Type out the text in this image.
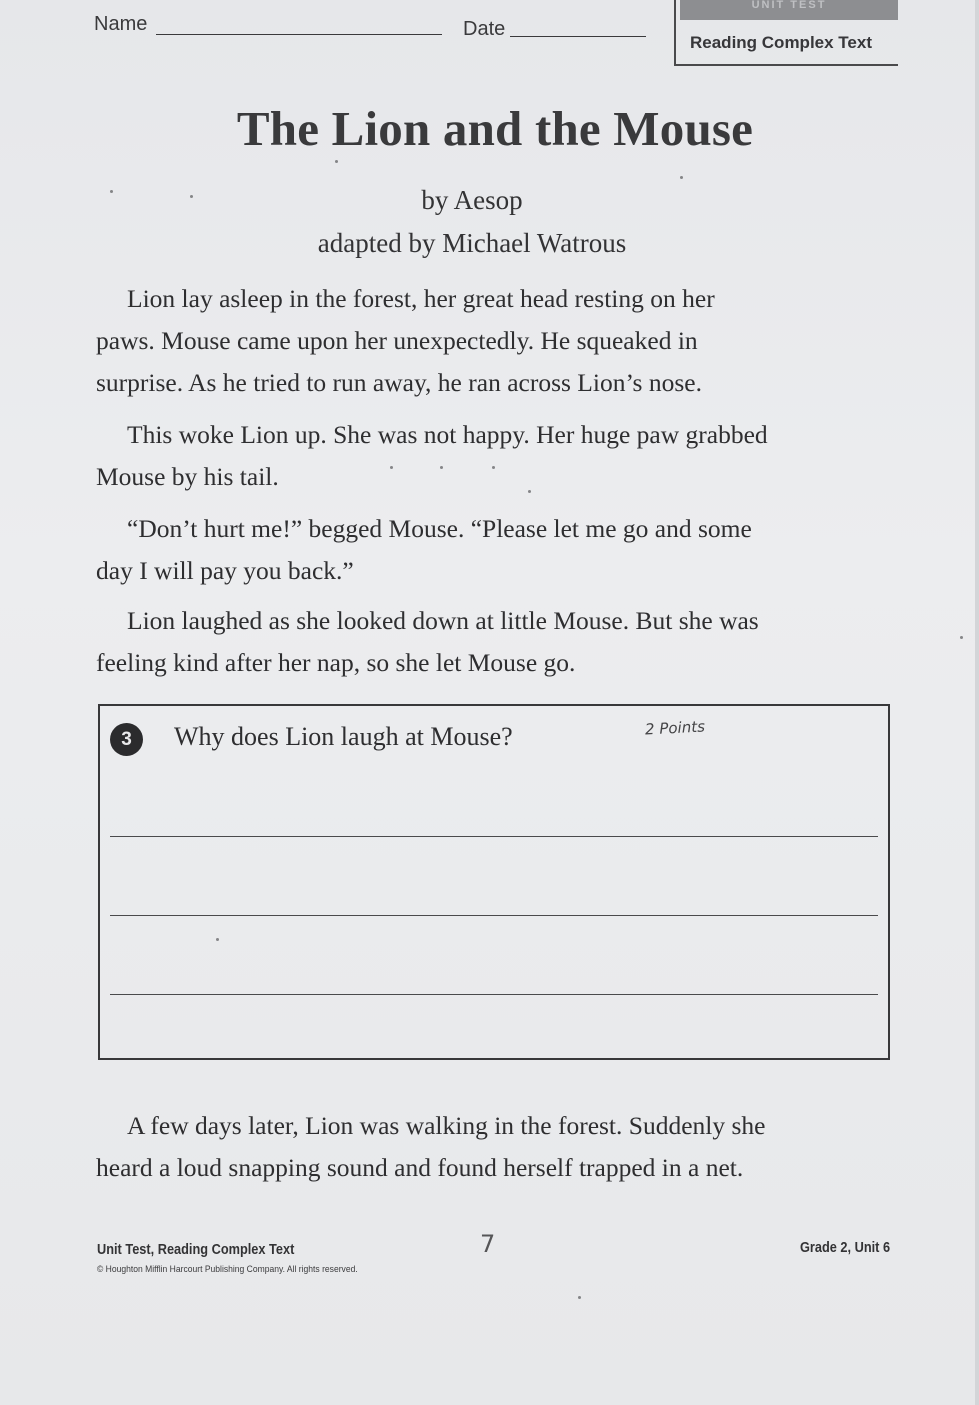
Name	Date
UNIT TEST
Reading Complex Text
The Lion and the Mouse
by Aesop
adapted by Michael Watrous
Lion lay asleep in the forest, her great head resting on her
paws. Mouse came upon her unexpectedly. He squeaked in
surprise. As he tried to run away, he ran across Lion’s nose.
This woke Lion up. She was not happy. Her huge paw grabbed
Mouse by his tail.
“Don’t hurt me!” begged Mouse. “Please let me go and some
day I will pay you back.”
Lion laughed as she looked down at little Mouse. But she was
feeling kind after her nap, so she let Mouse go.
3	Why does Lion laugh at Mouse?	2 Points
A few days later, Lion was walking in the forest. Suddenly she
heard a loud snapping sound and found herself trapped in a net.
Unit Test, Reading Complex Text
© Houghton Mifflin Harcourt Publishing Company. All rights reserved.
7	Grade 2, Unit 6
